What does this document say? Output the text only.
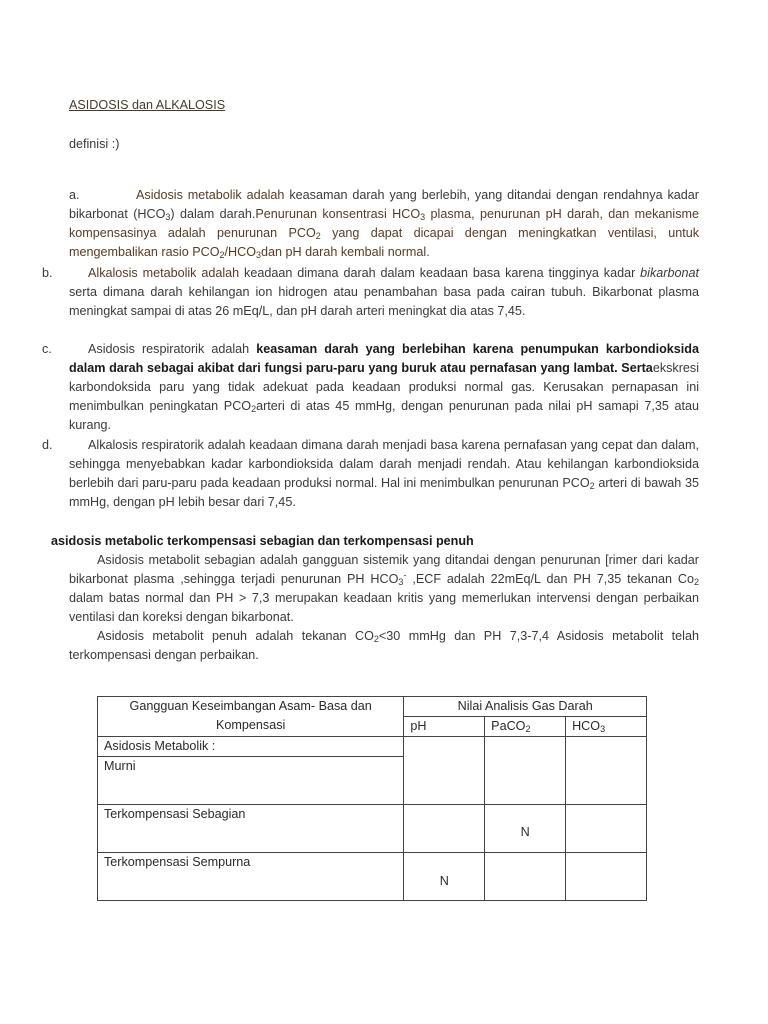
ASIDOSIS dan ALKALOSIS
definisi :)
a.	Asidosis metabolik adalah keasaman darah yang berlebih, yang ditandai dengan rendahnya kadar bikarbonat $(HCO_3)$ dalam darah.Penurunan konsentrasi $HCO_3$ plasma, penurunan pH darah, dan mekanisme kompensasinya adalah penurunan $PCO_2$ yang dapat dicapai dengan meningkatkan ventilasi, untuk mengembalikan rasio $PCO_2/HCO_3dan$ pH darah kembali normal.
b.	Alkalosis metabolik adalah keadaan dimana darah dalam keadaan basa karena tingginya kadar bikarbonat serta dimana darah kehilangan ion hidrogen atau penambahan basa pada cairan tubuh. Bikarbonat plasma meningkat sampai di atas 26 mEq/L, dan pH darah arteri meningkat dia atas 7,45.
c.	Asidosis respiratorik adalah keasaman darah yang berlebihan karena penumpukan karbondioksida dalam darah sebagai akibat dari fungsi paru-paru yang buruk atau pernafasan yang lambat. Sertaekskresi karbondoksida paru yang tidak adekuat pada keadaan produksi normal gas. Kerusakan pernapasan ini menimbulkan peningkatan $PCO_2arteri$ di atas 45 mmHg, dengan penurunan pada nilai pH samapi 7,35 atau kurang.
d.	Alkalosis respiratorik adalah keadaan dimana darah menjadi basa karena pernafasan yang cepat dan dalam, sehingga menyebabkan kadar karbondioksida dalam darah menjadi rendah. Atau kehilangan karbondioksida berlebih dari paru-paru pada keadaan produksi normal. Hal ini menimbulkan penurunan $PCO_2$ arteri di bawah 35 mmHg, dengan pH lebih besar dari 7,45.
asidosis metabolic terkompensasi sebagian dan terkompensasi penuh
Asidosis metabolit sebagian adalah gangguan sistemik yang ditandai dengan penurunan [rimer dari kadar bikarbonat plasma ,sehingga terjadi penurunan PH $HCO_3^-$ ,ECF adalah 22mEq/L dan PH 7,35 tekanan $Co_2$ dalam batas normal dan PH > 7,3 merupakan keadaan kritis yang memerlukan intervensi dengan perbaikan ventilasi dan koreksi dengan bikarbonat.
Asidosis metabolit penuh adalah tekanan $CO_2<30$ mmHg dan PH 7,3-7,4 Asidosis metabolit telah terkompensasi dengan perbaikan.
Gangguan Keseimbangan Asam- Basa dan Kompensasi	Nilai Analisis Gas Darah		
	pH	PaCO$_2$	$HCO_3$

Asidosis Metabolik :
Murni			

Terkompensasi Sebagian		N	
Terkompensasi Sempurna	N		
